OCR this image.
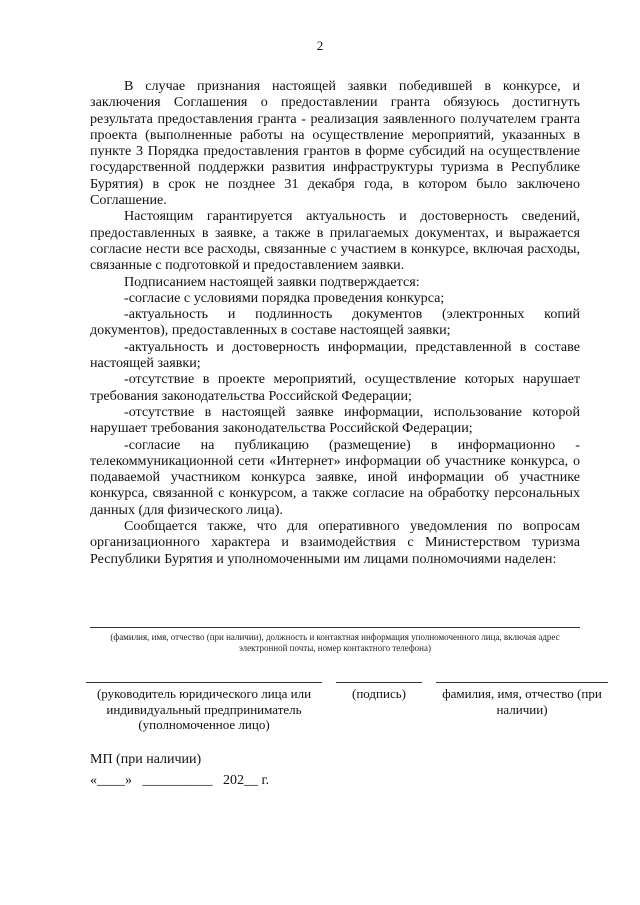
2

В случае признания настоящей заявки победившей в конкурсе, и заключения Соглашения о предоставлении гранта обязуюсь достигнуть результата предоставления гранта - реализация заявленного получателем гранта проекта (выполненные работы на осуществление мероприятий, указанных в пункте 3 Порядка предоставления грантов в форме субсидий на осуществление государственной поддержки развития инфраструктуры туризма в Республике Бурятия) в срок не позднее 31 декабря года, в котором было заключено Соглашение.

Настоящим гарантируется актуальность и достоверность сведений, предоставленных в заявке, а также в прилагаемых документах, и выражается согласие нести все расходы, связанные с участием в конкурсе, включая расходы, связанные с подготовкой и предоставлением заявки.

Подписанием настоящей заявки подтверждается:

-согласие с условиями порядка проведения конкурса;

-актуальность и подлинность документов (электронных копий документов), предоставленных в составе настоящей заявки;

-актуальность и достоверность информации, представленной в составе настоящей заявки;

-отсутствие в проекте мероприятий, осуществление которых нарушает требования законодательства Российской Федерации;

-отсутствие в настоящей заявке информации, использование которой нарушает требования законодательства Российской Федерации;

-согласие на публикацию (размещение) в информационно - телекоммуникационной сети «Интернет» информации об участнике конкурса, о подаваемой участником конкурса заявке, иной информации об участнике конкурса, связанной с конкурсом, а также согласие на обработку персональных данных (для физического лица).

Сообщается также, что для оперативного уведомления по вопросам организационного характера и взаимодействия с Министерством туризма Республики Бурятия и уполномоченными им лицами полномочиями наделен:

(фамилия, имя, отчество (при наличии), должность и контактная информация уполномоченного лица, включая адрес электронной почты, номер контактного телефона)
(руководитель юридического лица или индивидуальный предприниматель (уполномоченное лицо)
(подпись)	фамилия, имя, отчество (при наличии)
МП (при наличии)
«____»   __________   202__ г.
